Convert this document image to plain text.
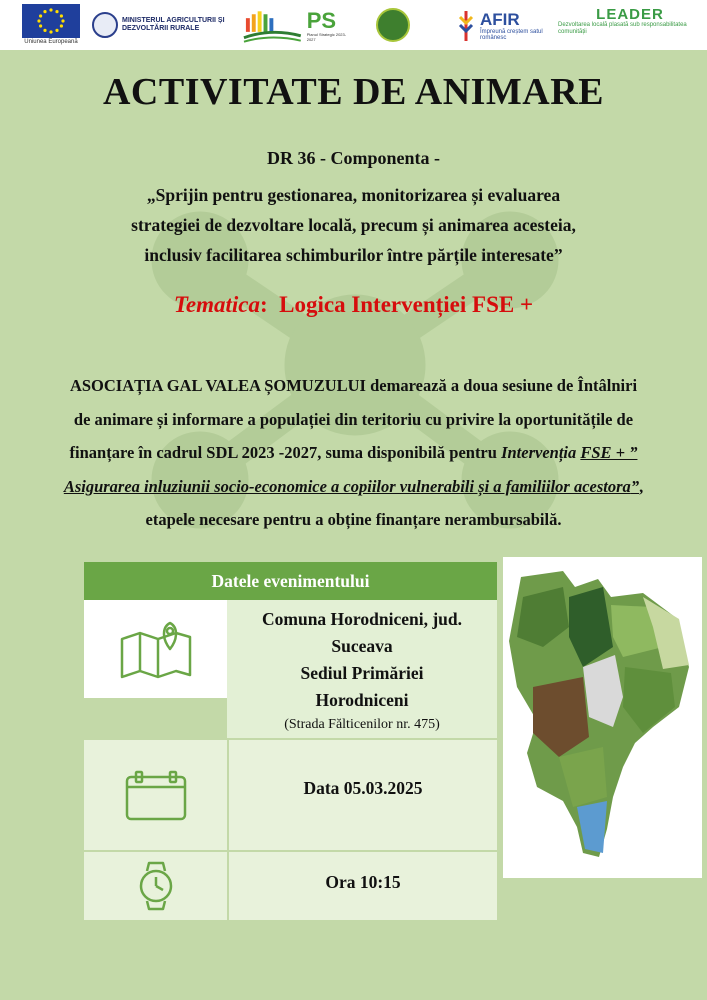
Uniunea Europeană
MINISTERUL AGRICULTURII ȘI DEZVOLTĂRII RURALE	PS
Planul Strategic 2023-2027
AFIR
Împreună creștem satul românesc
LEADER
Dezvoltarea locală plasată sub responsabilitatea comunității
ACTIVITATE DE ANIMARE
DR 36 - Componenta -
„Sprijin pentru gestionarea, monitorizarea și evaluarea
strategiei de dezvoltare locală, precum și animarea acesteia,
inclusiv facilitarea schimburilor între părțile interesate”
Tematica: Logica Intervenției FSE +
ASOCIAȚIA GAL VALEA ȘOMUZULUI demarează a doua sesiune de Întâlniri de animare și informare a populației din teritoriu cu privire la oportunitățile de finanțare în cadrul SDL 2023 -2027, suma disponibilă pentru Intervenția FSE + ” Asigurarea inluziunii socio-economice a copiilor vulnerabili și a familiilor acestora”, etapele necesare pentru a obține finanțare nerambursabilă.
Datele evenimentului
Comuna Horodniceni, jud.
Suceava
Sediul Primăriei
Horodniceni
(Strada Fălticenilor nr. 475)
Data 05.03.2025
Ora 10:15
